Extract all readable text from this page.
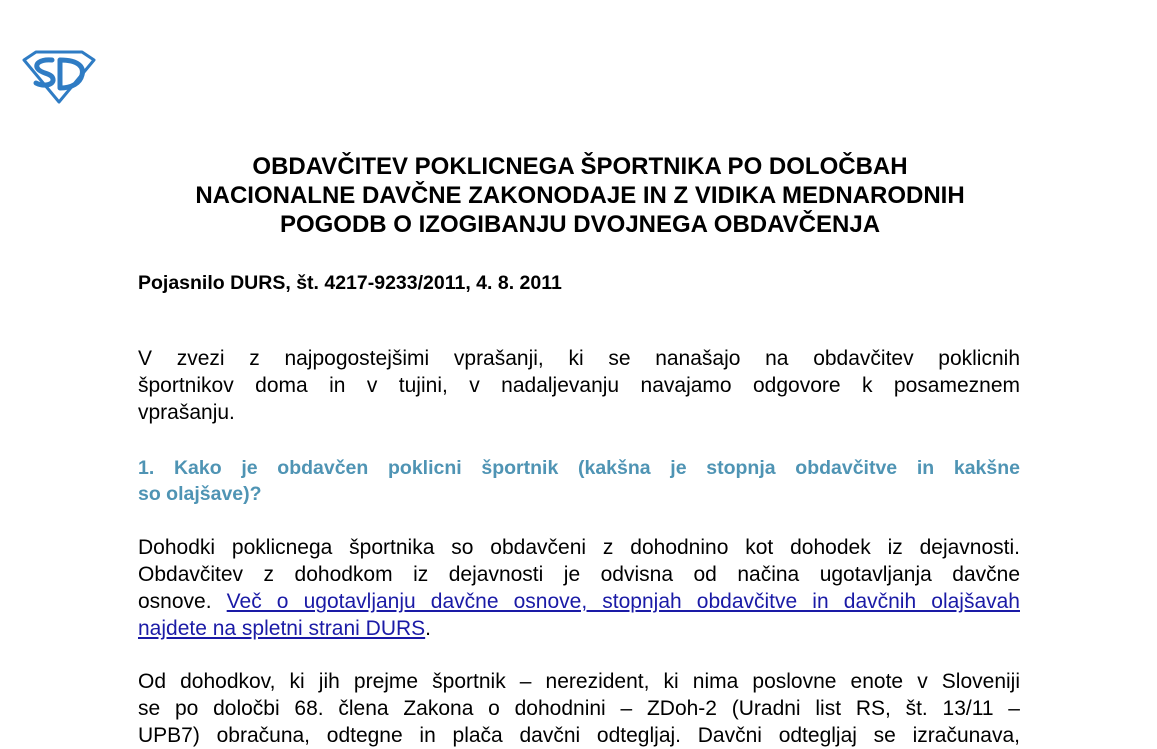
OBDAVČITEV POKLICNEGA ŠPORTNIKA PO DOLOČBAH
NACIONALNE DAVČNE ZAKONODAJE IN Z VIDIKA MEDNARODNIH
POGODB O IZOGIBANJU DVOJNEGA OBDAVČENJA

Pojasnilo DURS, št. 4217-9233/2011, 4. 8. 2011

V zvezi z najpogostejšimi vprašanji, ki se nanašajo na obdavčitev poklicnih
športnikov doma in v tujini, v nadaljevanju navajamo odgovore k posameznem
vprašanju.

1. Kako je obdavčen poklicni športnik (kakšna je stopnja obdavčitve in kakšne
so olajšave)?

Dohodki poklicnega športnika so obdavčeni z dohodnino kot dohodek iz dejavnosti.
Obdavčitev z dohodkom iz dejavnosti je odvisna od načina ugotavljanja davčne
osnove. Več o ugotavljanju davčne osnove, stopnjah obdavčitve in davčnih olajšavah
najdete na spletni strani DURS.

Od dohodkov, ki jih prejme športnik – nerezident, ki nima poslovne enote v Sloveniji
se po določbi 68. člena Zakona o dohodnini – ZDoh-2 (Uradni list RS, št. 13/11 –
UPB7) obračuna, odtegne in plača davčni odtegljaj. Davčni odtegljaj se izračunava,
